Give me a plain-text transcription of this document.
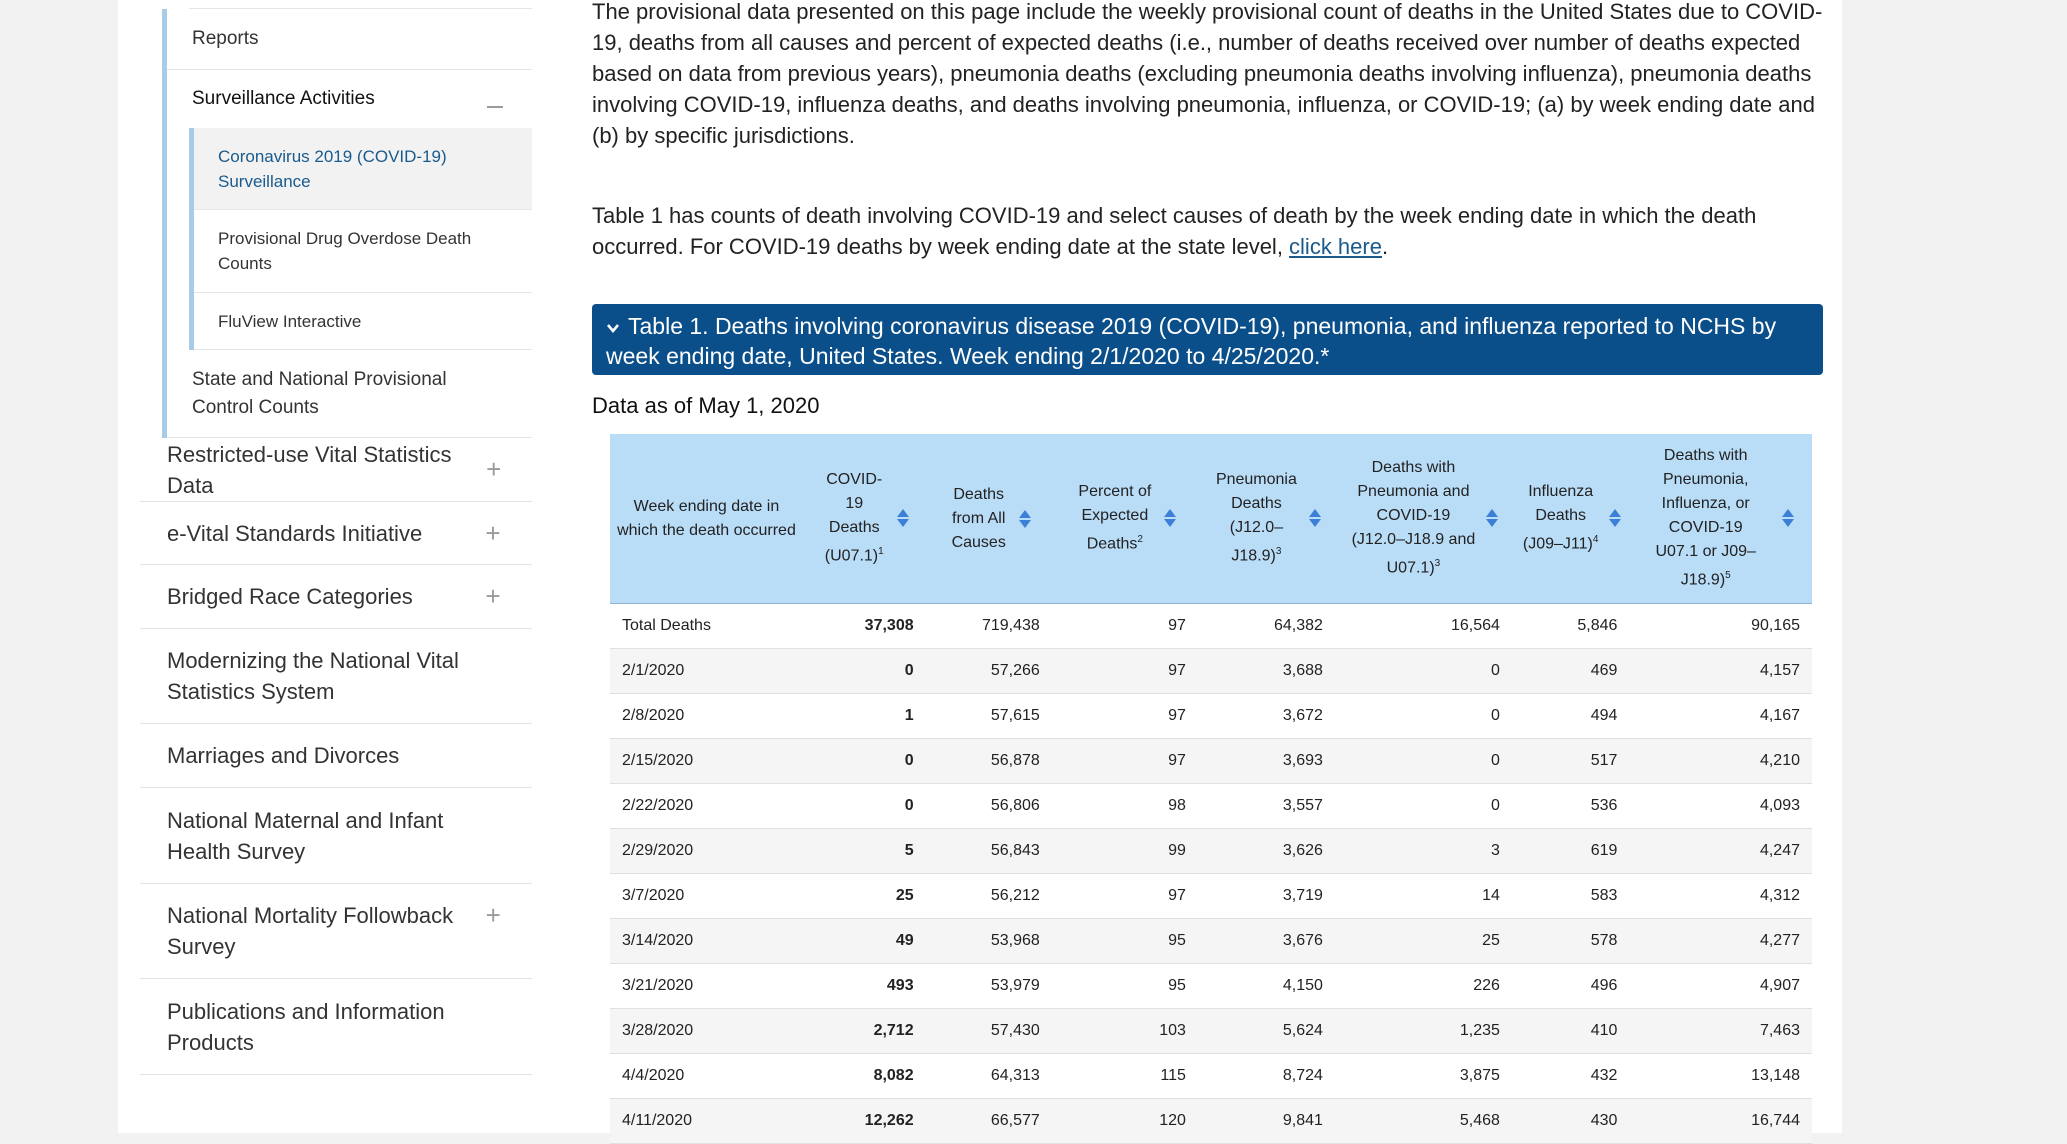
Reports
Surveillance Activities
Coronavirus 2019 (COVID-19) Surveillance
Provisional Drug Overdose Death Counts
FluView Interactive
State and National Provisional Control Counts
Restricted-use Vital Statistics Data
+
e-Vital Standards Initiative +
Bridged Race Categories	+
Modernizing the National Vital Statistics System
Marriages and Divorces
National Maternal and Infant Health Survey
National Mortality Followback Survey
+
Publications and Information Products

The provisional data presented on this page include the weekly provisional count of deaths in the United States due to COVID-19, deaths from all causes and percent of expected deaths (i.e., number of deaths received over number of deaths expected based on data from previous years), pneumonia deaths (excluding pneumonia deaths involving influenza), pneumonia deaths involving COVID-19, influenza deaths, and deaths involving pneumonia, influenza, or COVID-19; (a) by week ending date and (b) by specific jurisdictions.

Table 1 has counts of death involving COVID-19 and select causes of death by the week ending date in which the death occurred. For COVID-19 deaths by week ending date at the state level, click here.

Table 1. Deaths involving coronavirus disease 2019 (COVID-19), pneumonia, and influenza reported to NCHS by week ending date, United States. Week ending 2/1/2020 to 4/25/2020.*
Data as of May 1, 2020
Week ending date in which the death occurred	COVID-19 Deaths $(U07.1)^1$	Deaths from All Causes	Percent of Expected Deaths$^2$	Pneumonia Deaths $(J12.0-J18.9)^3$	Deaths with Pneumonia and COVID-19 (J12.0–J18.9 and U07.1)$^3$	Influenza Deaths $(J09-J11)^4$	Deaths with Pneumonia, Influenza, or COVID-19 U07.1 or J09–J18.9)$^5$

Total Deaths	37,308	719,438	97	64,382	16,564	5,846	90,165
2/1/2020	0	57,266	97	3,688	0	469	4,157
2/8/2020	1	57,615	97	3,672	0	494	4,167
2/15/2020	0	56,878	97	3,693	0	517	4,210
2/22/2020	0	56,806	98	3,557	0	536	4,093
2/29/2020	5	56,843	99	3,626	3	619	4,247
3/7/2020	25	56,212	97	3,719	14	583	4,312
3/14/2020	49	53,968	95	3,676	25	578	4,277
3/21/2020	493	53,979	95	4,150	226	496	4,907
3/28/2020	2,712	57,430	103	5,624	1,235	410	7,463
4/4/2020	8,082	64,313	115	8,724	3,875	432	13,148
4/11/2020	12,262	66,577	120	9,841	5,468	430	16,744
